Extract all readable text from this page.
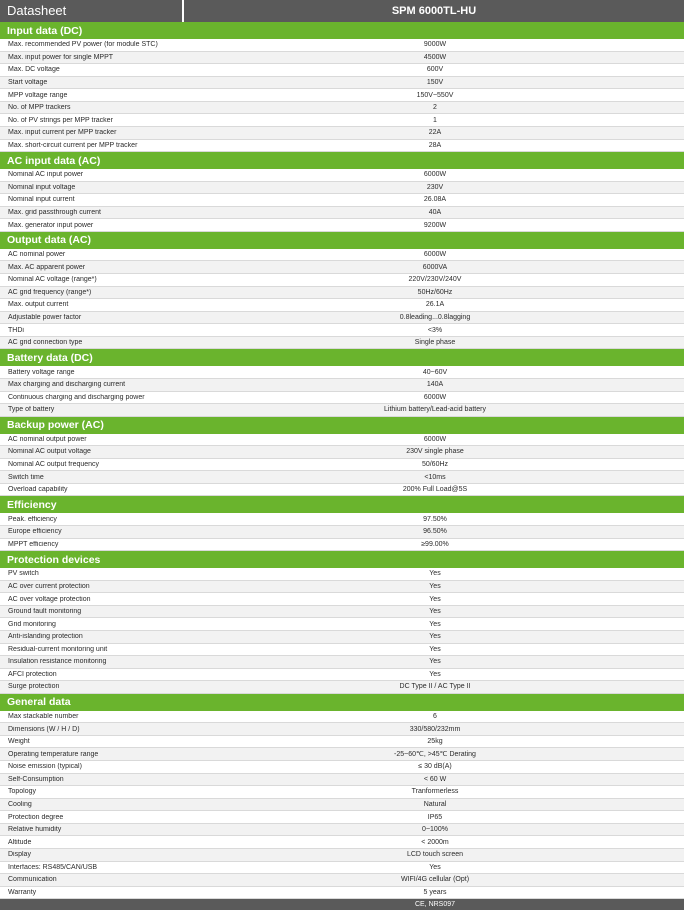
Datasheet	SPM 6000TL-HU
Input data (DC)
Max. recommended PV power (for module STC)	9000W
Max. input power for single MPPT	4500W
Max. DC voltage	600V
Start voltage	150V
MPP voltage range	150V~550V
No. of MPP trackers	2
No. of PV strings per MPP tracker	1
Max. input current per MPP tracker	22A
Max. short-circuit current per MPP tracker	28A
AC input data (AC)
Nominal AC input power	6000W
Nominal input voltage	230V
Nominal input current	26.08A
Max. grid passthrough current	40A
Max. generator input power	9200W
Output data (AC)
AC nominal power	6000W
Max. AC apparent power	6000VA
Nominal AC voltage (range*)	220V/230V/240V
AC grid frequency (range*)	50Hz/60Hz
Max. output current	26.1A
Adjustable power factor	0.8leading...0.8lagging
THDi	<3%
AC grid connection type	Single phase
Battery data (DC)
Battery voltage range	40~60V
Max charging and discharging current	140A
Continuous charging and discharging power	6000W
Type of battery	Lithium battery/Lead-acid battery
Backup power (AC)
AC nominal output power	6000W
Nominal AC output voltage	230V single phase
Nominal AC output frequency	50/60Hz
Switch time	<10ms
Overload capability	200% Full Load@5S
Efficiency
Peak. efficiency	97.50%
Europe efficiency	96.50%
MPPT efficiency	≥99.00%
Protection devices
PV switch	Yes
AC over current protection	Yes
AC over voltage protection	Yes
Ground fault monitoring	Yes
Grid monitoring	Yes
Anti-islanding protection	Yes
Residual-current monitoring unit	Yes
Insulation resistance monitoring	Yes
AFCI protection	Yes
Surge protection	DC Type II / AC Type II
General data
Max stackable number	6
Dimensions (W / H / D)	330/580/232mm
Weight	25kg
Operating temperature range	-25~60℃, >45℃ Derating
Noise emission (typical)	≤ 30 dB(A)
Self-Consumption	< 60 W
Topology	Tranformerless
Cooling	Natural
Protection degree	IP65
Relative humidity	0~100%
Altitude	< 2000m
Display	LCD touch screen
Interfaces: RS485/CAN/USB	Yes
Communication	WIFI/4G cellular (Opt)
Warranty	5 years
CE, NRS097
